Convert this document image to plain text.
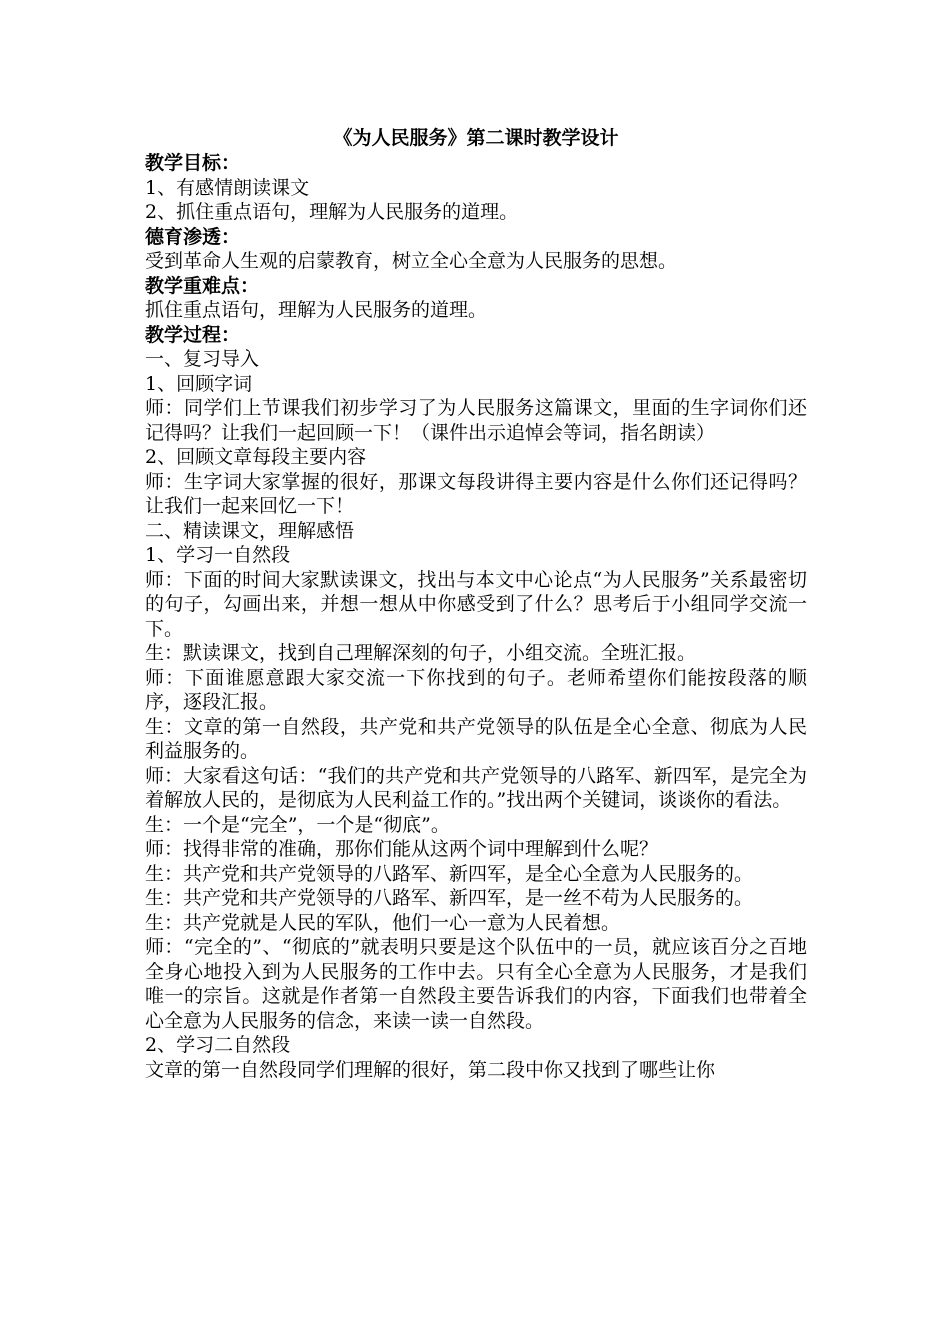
《为人民服务》第二课时教学设计
教学目标：
1、有感情朗读课文
2、抓住重点语句，理解为人民服务的道理。
德育渗透：
受到革命人生观的启蒙教育，树立全心全意为人民服务的思想。
教学重难点：
抓住重点语句，理解为人民服务的道理。
教学过程：
一、复习导入
1、回顾字词
师：同学们上节课我们初步学习了为人民服务这篇课文，里面的生字词你们还记得吗？让我们一起回顾一下！（课件出示追悼会等词，指名朗读）
2、回顾文章每段主要内容
师：生字词大家掌握的很好，那课文每段讲得主要内容是什么你们还记得吗？让我们一起来回忆一下！
二、精读课文，理解感悟
1、学习一自然段
师：下面的时间大家默读课文，找出与本文中心论点“为人民服务”关系最密切的句子，勾画出来，并想一想从中你感受到了什么？思考后于小组同学交流一下。
生：默读课文，找到自己理解深刻的句子，小组交流。全班汇报。
师：下面谁愿意跟大家交流一下你找到的句子。老师希望你们能按段落的顺序，逐段汇报。
生：文章的第一自然段，共产党和共产党领导的队伍是全心全意、彻底为人民利益服务的。
师：大家看这句话：“我们的共产党和共产党领导的八路军、新四军，是完全为着解放人民的，是彻底为人民利益工作的。”找出两个关键词，谈谈你的看法。
生：一个是“完全”，一个是“彻底”。
师：找得非常的准确，那你们能从这两个词中理解到什么呢？
生：共产党和共产党领导的八路军、新四军，是全心全意为人民服务的。
生：共产党和共产党领导的八路军、新四军，是一丝不苟为人民服务的。
生：共产党就是人民的军队，他们一心一意为人民着想。
师：“完全的”、“彻底的”就表明只要是这个队伍中的一员，就应该百分之百地全身心地投入到为人民服务的工作中去。只有全心全意为人民服务，才是我们唯一的宗旨。这就是作者第一自然段主要告诉我们的内容，下面我们也带着全心全意为人民服务的信念，来读一读一自然段。
2、学习二自然段
文章的第一自然段同学们理解的很好，第二段中你又找到了哪些让你
